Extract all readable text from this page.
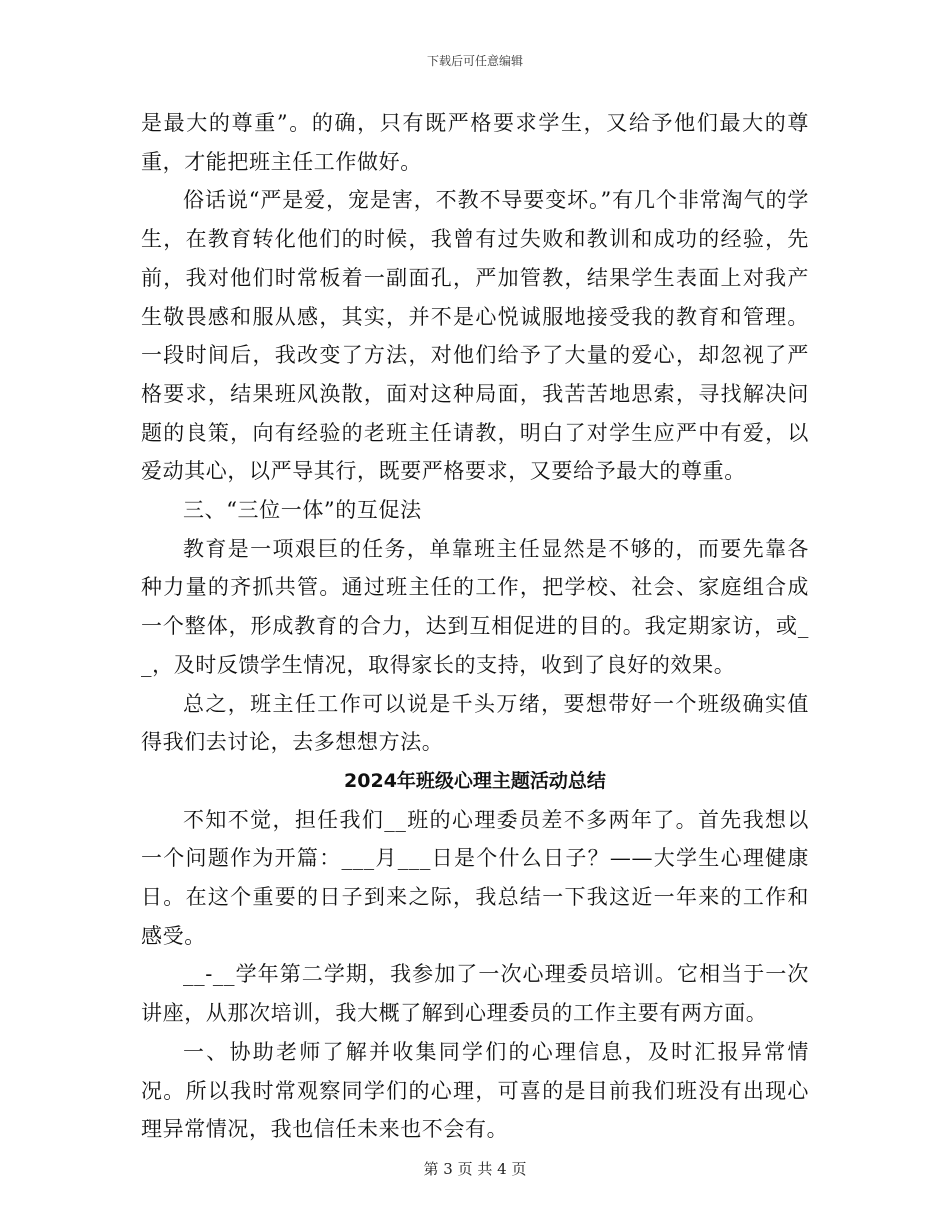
下载后可任意编辑

是最大的尊重”。的确，只有既严格要求学生，又给予他们最大的尊重，才能把班主任工作做好。

俗话说“严是爱，宠是害，不教不导要变坏。”有几个非常淘气的学生，在教育转化他们的时候，我曾有过失败和教训和成功的经验，先前，我对他们时常板着一副面孔，严加管教，结果学生表面上对我产生敬畏感和服从感，其实，并不是心悦诚服地接受我的教育和管理。一段时间后，我改变了方法，对他们给予了大量的爱心，却忽视了严格要求，结果班风涣散，面对这种局面，我苦苦地思索，寻找解决问题的良策，向有经验的老班主任请教，明白了对学生应严中有爱，以爱动其心，以严导其行，既要严格要求，又要给予最大的尊重。

三、“三位一体”的互促法

教育是一项艰巨的任务，单靠班主任显然是不够的，而要先靠各种力量的齐抓共管。通过班主任的工作，把学校、社会、家庭组合成一个整体，形成教育的合力，达到互相促进的目的。我定期家访，或__，及时反馈学生情况，取得家长的支持，收到了良好的效果。

总之，班主任工作可以说是千头万绪，要想带好一个班级确实值得我们去讨论，去多想想方法。

2024年班级心理主题活动总结

不知不觉，担任我们__班的心理委员差不多两年了。首先我想以一个问题作为开篇：___月___日是个什么日子？——大学生心理健康日。在这个重要的日子到来之际，我总结一下我这近一年来的工作和感受。

__-__学年第二学期，我参加了一次心理委员培训。它相当于一次讲座，从那次培训，我大概了解到心理委员的工作主要有两方面。

一、协助老师了解并收集同学们的心理信息，及时汇报异常情况。所以我时常观察同学们的心理，可喜的是目前我们班没有出现心理异常情况，我也信任未来也不会有。

第 3 页 共 4 页
